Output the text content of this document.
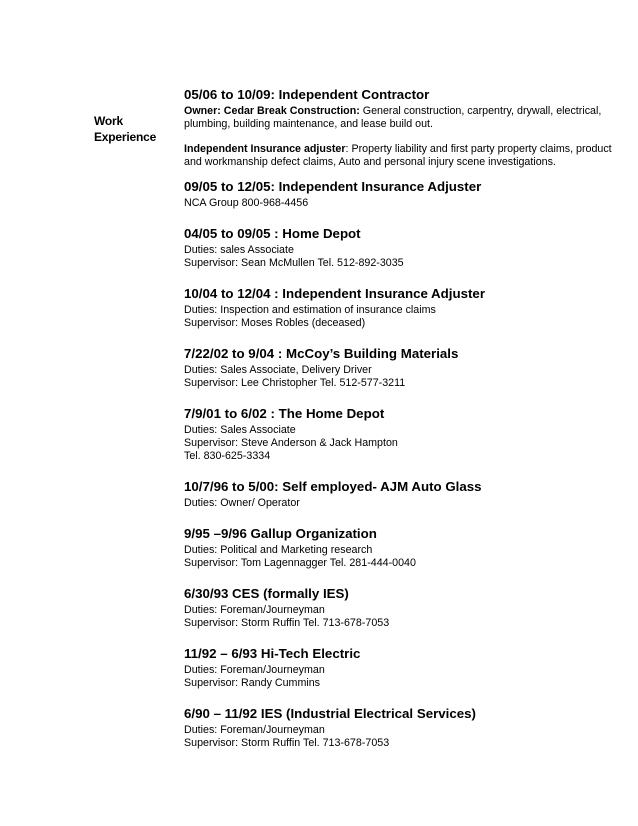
Work
Experience
05/06 to 10/09: Independent Contractor

Owner: Cedar Break Construction: General construction, carpentry, drywall, electrical, plumbing, building maintenance, and lease build out.

Independent Insurance adjuster: Property liability and first party property claims, product and workmanship defect claims, Auto and personal injury scene investigations.

09/05 to 12/05: Independent Insurance Adjuster
NCA Group 800-968-4456
04/05 to 09/05 : Home Depot
Duties: sales Associate
Supervisor: Sean McMullen Tel. 512-892-3035
10/04 to 12/04 : Independent Insurance Adjuster
Duties: Inspection and estimation of insurance claims
Supervisor: Moses Robles (deceased)
7/22/02 to 9/04 : McCoy’s Building Materials
Duties: Sales Associate, Delivery Driver
Supervisor: Lee Christopher Tel. 512-577-3211
7/9/01 to 6/02 : The Home Depot
Duties: Sales Associate
Supervisor: Steve Anderson & Jack Hampton
Tel. 830-625-3334
10/7/96 to 5/00: Self employed- AJM Auto Glass
Duties: Owner/ Operator
9/95 –9/96 Gallup Organization
Duties: Political and Marketing research
Supervisor: Tom Lagennagger Tel. 281-444-0040
6/30/93 CES (formally IES)
Duties: Foreman/Journeyman
Supervisor: Storm Ruffin Tel. 713-678-7053
11/92 – 6/93 Hi-Tech Electric
Duties: Foreman/Journeyman
Supervisor: Randy Cummins
6/90 – 11/92 IES (Industrial Electrical Services)
Duties: Foreman/Journeyman
Supervisor: Storm Ruffin Tel. 713-678-7053
